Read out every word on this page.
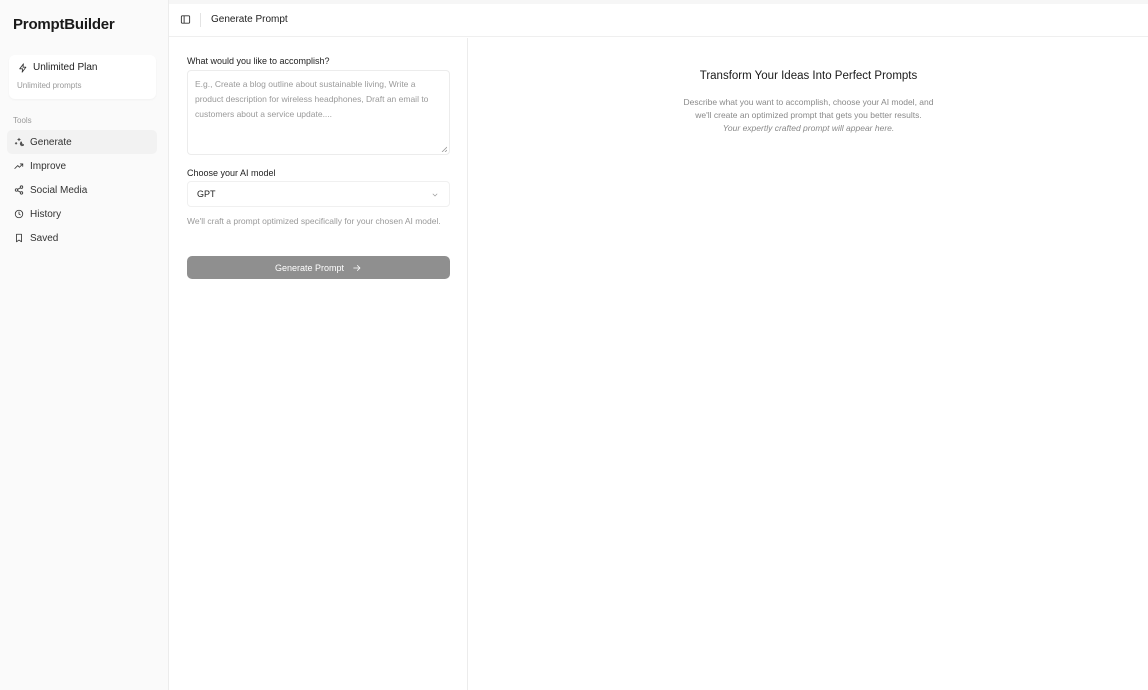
PromptBuilder
Unlimited Plan
Unlimited prompts
Tools
Generate
Improve
Social Media
History
Saved
Generate Prompt
What would you like to accomplish?
E.g., Create a blog outline about sustainable living, Write a product description for wireless headphones, Draft an email to customers about a service update....
Choose your AI model
GPT
We'll craft a prompt optimized specifically for your chosen AI model.
Generate Prompt
Transform Your Ideas Into Perfect Prompts
Describe what you want to accomplish, choose your AI model, and
we'll create an optimized prompt that gets you better results.
Your expertly crafted prompt will appear here.
